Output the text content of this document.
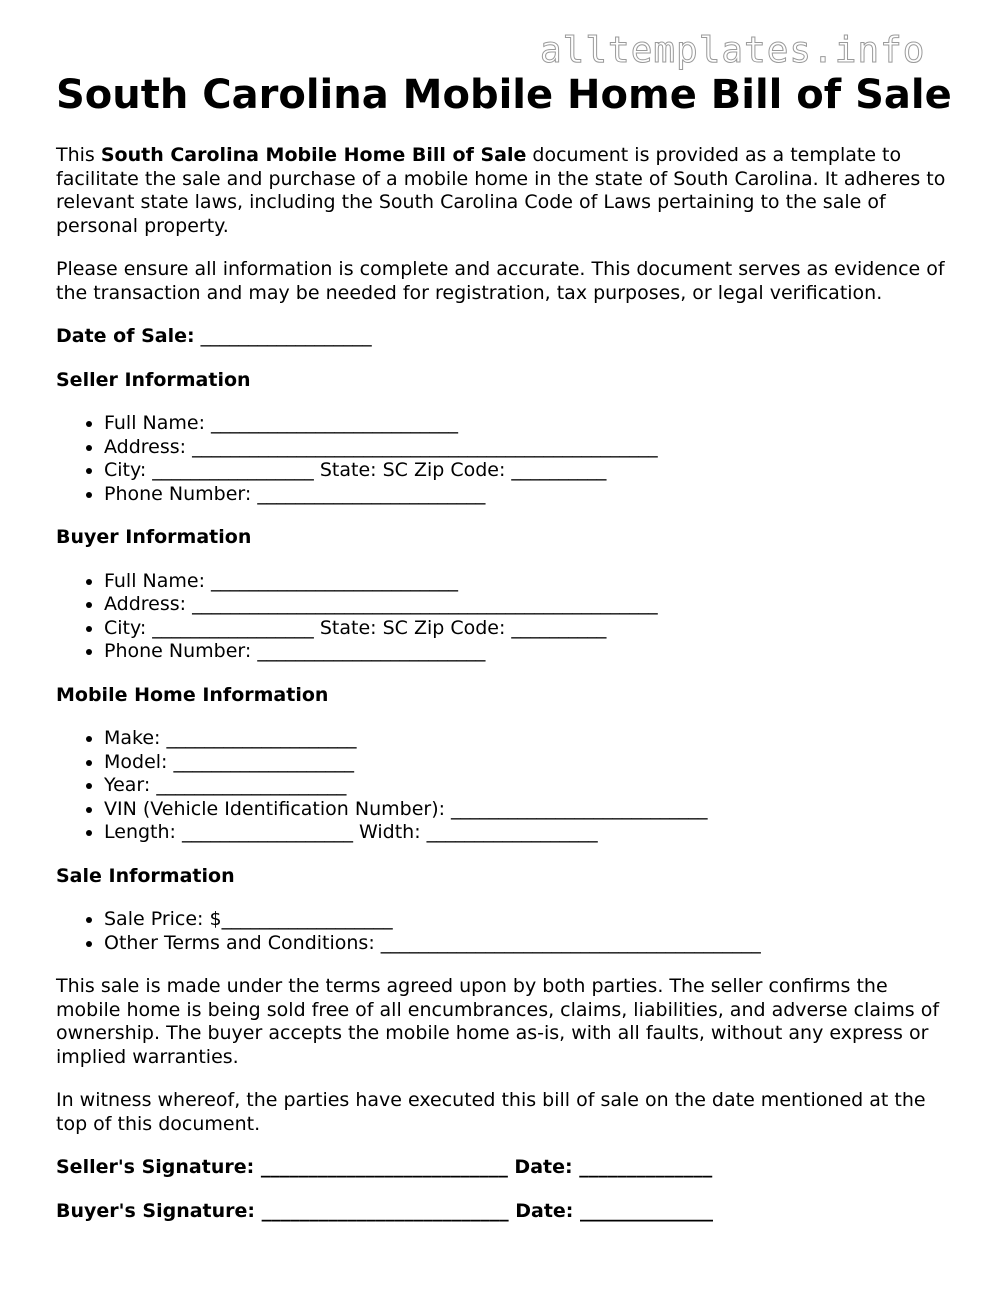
alltemplates.info
South Carolina Mobile Home Bill of Sale

This South Carolina Mobile Home Bill of Sale document is provided as a template to facilitate the sale and purchase of a mobile home in the state of South Carolina. It adheres to relevant state laws, including the South Carolina Code of Laws pertaining to the sale of personal property.

Please ensure all information is complete and accurate. This document serves as evidence of the transaction and may be needed for registration, tax purposes, or legal verification.

Date of Sale: __________________

Seller Information

• Full Name: __________________________
• Address: _________________________________________________
• City: _________________ State: SC Zip Code: __________
• Phone Number: ________________________

Buyer Information

• Full Name: __________________________
• Address: _________________________________________________
• City: _________________ State: SC Zip Code: __________
• Phone Number: ________________________

Mobile Home Information

• Make: ____________________
• Model: ___________________
• Year: ____________________
• VIN (Vehicle Identification Number): ___________________________
• Length: __________________ Width: __________________

Sale Information

• Sale Price: $__________________
• Other Terms and Conditions: ________________________________________

This sale is made under the terms agreed upon by both parties. The seller confirms the mobile home is being sold free of all encumbrances, claims, liabilities, and adverse claims of ownership. The buyer accepts the mobile home as-is, with all faults, without any express or implied warranties.

In witness whereof, the parties have executed this bill of sale on the date mentioned at the top of this document.

Seller's Signature: __________________________ Date: ______________

Buyer's Signature: __________________________ Date: ______________
